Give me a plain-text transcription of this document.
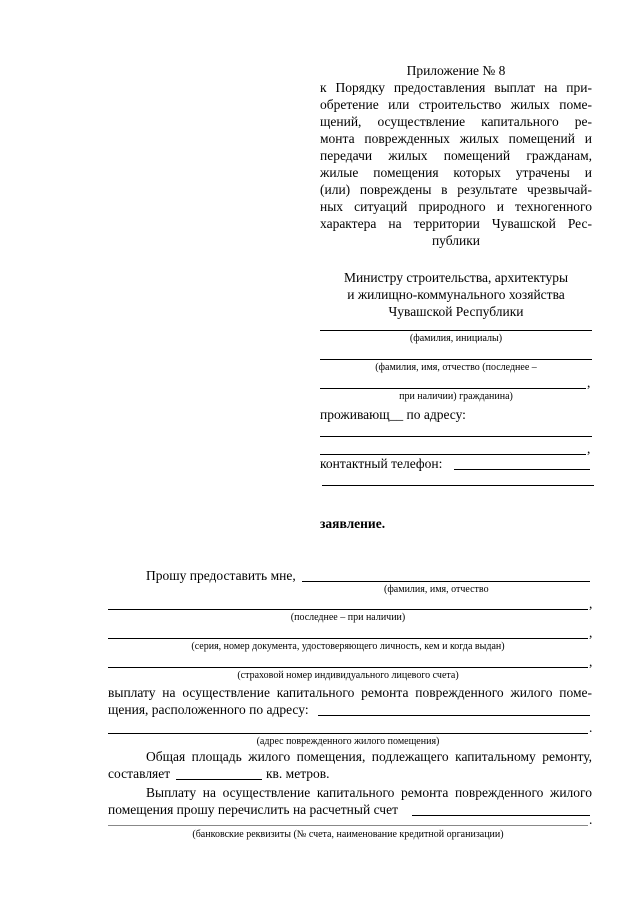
Приложение № 8
к Порядку предоставления выплат на при-
обретение или строительство жилых поме-
щений, осуществление капитального ре-
монта поврежденных жилых помещений и
передачи жилых помещений гражданам,
жилые помещения которых утрачены и
(или) повреждены в результате чрезвычай-
ных ситуаций природного и техногенного
характера на территории Чувашской Рес-
публики
Министру строительства, архитектуры
и жилищно-коммунального хозяйства
Чувашской Республики
(фамилия, инициалы)
(фамилия, имя, отчество (последнее –
,
при наличии) гражданина)
проживающ__ по адресу:
,
контактный телефон:
заявление.
Прошу предоставить мне,
(фамилия, имя, отчество
,
(последнее – при наличии)
,
(серия, номер документа, удостоверяющего личность, кем и когда выдан)
,
(страховой номер индивидуального лицевого счета)
выплату на осуществление капитального ремонта поврежденного жилого поме-
щения, расположенного по адресу:
.
(адрес поврежденного жилого помещения)
Общая площадь жилого помещения, подлежащего капитальному ремонту,
составляет	кв. метров.
Выплату на осуществление капитального ремонта поврежденного жилого
помещения прошу перечислить на расчетный счет
.
(банковские реквизиты (№ счета, наименование кредитной организации)
